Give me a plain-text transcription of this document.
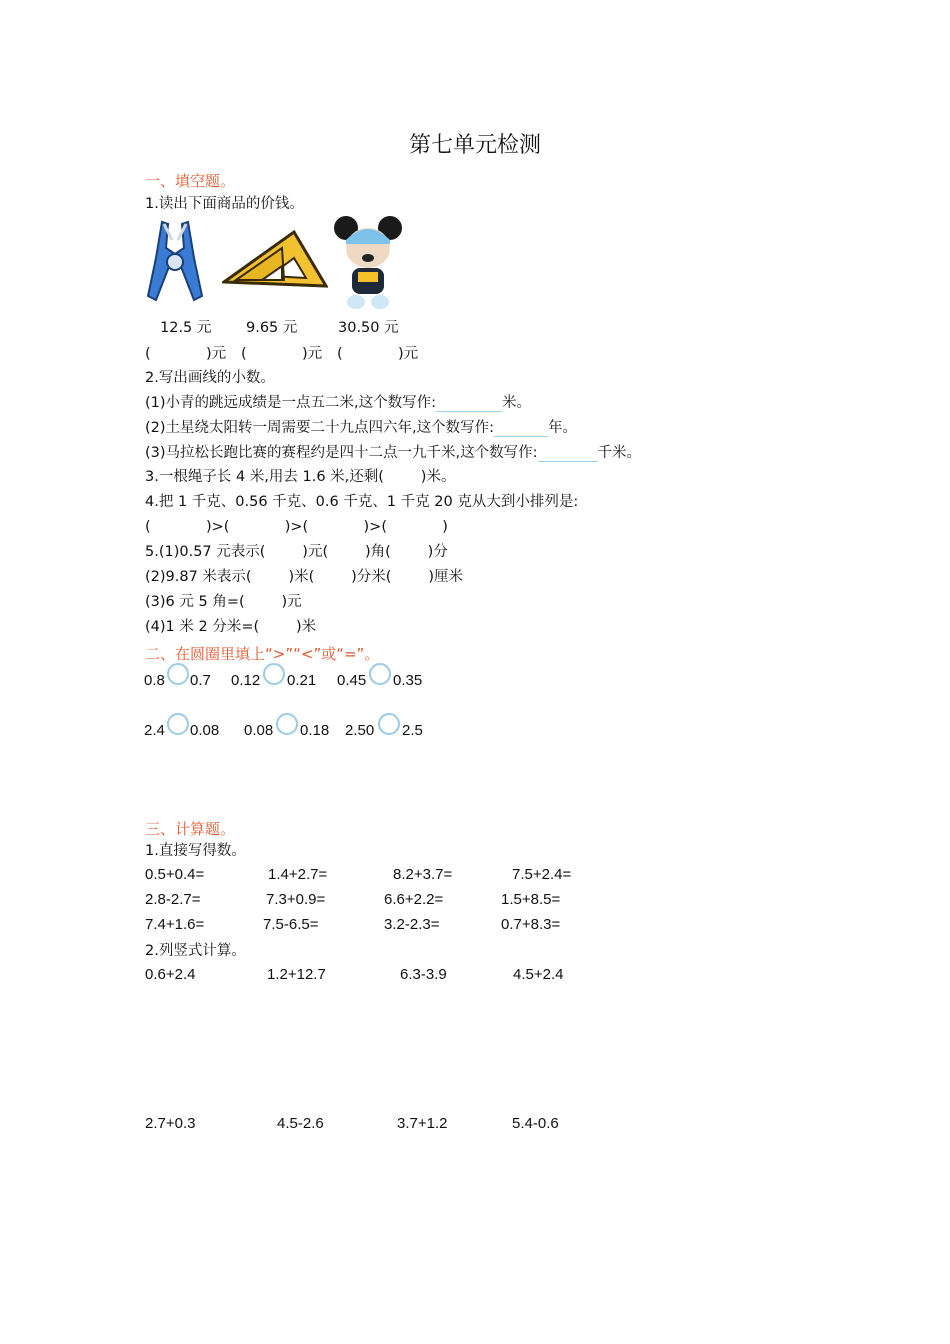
第七单元检测
一、填空题。
1.读出下面商品的价钱。
12.5 元 9.65 元	30.50 元
(            )元 (            )元 (            )元
2.写出画线的小数。
(1)小青的跳远成绩是一点五二米,这个数写作:	米。
(2)土星绕太阳转一周需要二十九点四六年,这个数写作:	年。
(3)马拉松长跑比赛的赛程约是四十二点一九千米,这个数写作:	千米。
3.一根绳子长 4 米,用去 1.6 米,还剩(        )米。
4.把 1 千克、0.56 千克、0.6 千克、1 千克 20 克从大到小排列是:
(            )>(            )>(            )>(            )
5.(1)0.57 元表示(        )元(        )角(        )分
(2)9.87 米表示(        )米(        )分米(        )厘米
(3)6 元 5 角=(        )元
(4)1 米 2 分米=(        )米
二、在圆圈里填上“>”“<”或“=”。
0.8 0.7 0.12 0.21 0.45 0.35
2.4 0.08 0.08 0.18 2.50 2.5
三、计算题。
1.直接写得数。
0.5+0.4=	1.4+2.7=	8.2+3.7=	7.5+2.4=
2.8-2.7=	7.3+0.9=	6.6+2.2=	1.5+8.5=
7.4+1.6=	7.5-6.5=	3.2-2.3=	0.7+8.3=
2.列竖式计算。
0.6+2.4	1.2+12.7	6.3-3.9	4.5+2.4
2.7+0.3	4.5-2.6	3.7+1.2	5.4-0.6
